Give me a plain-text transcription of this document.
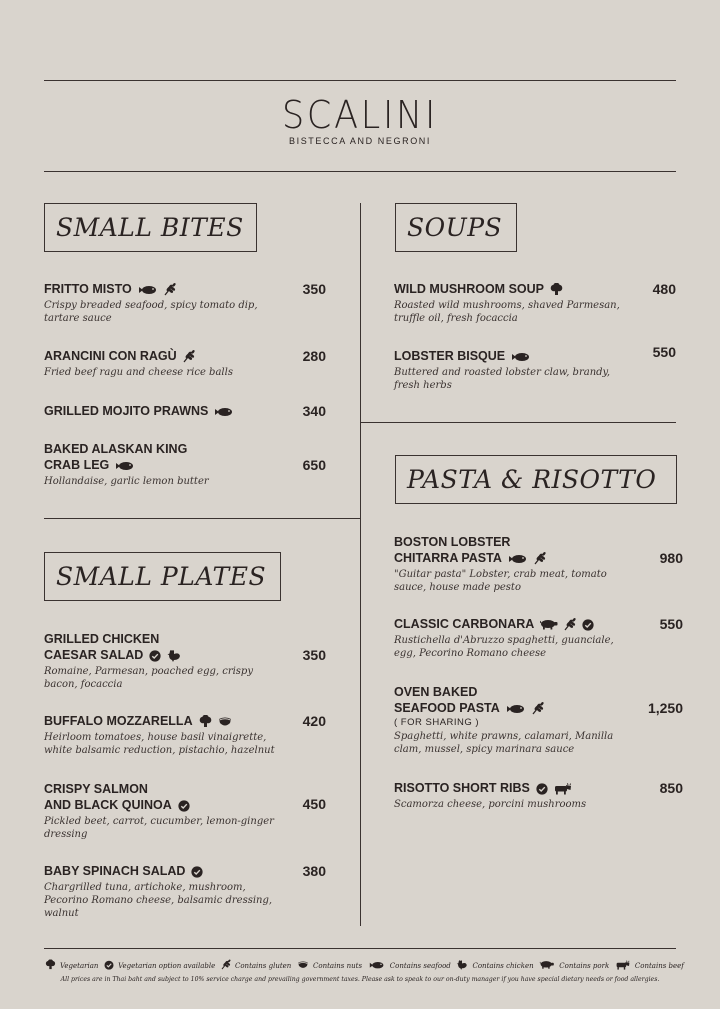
SCALINI
BISTECCA AND NEGRONI
SMALL BITES	SOUPS
SMALL PLATES
PASTA & RISOTTO
FRITTO MISTO
Crispy breaded seafood, spicy tomato dip, tartare sauce
350
ARANCINI CON RAGÙ
Fried beef ragu and cheese rice balls
280
GRILLED MOJITO PRAWNS	340
BAKED ALASKAN KING
CRAB LEG
Hollandaise, garlic lemon butter
650
GRILLED CHICKEN
CAESAR SALAD
Romaine, Parmesan, poached egg, crispy bacon, focaccia
350
BUFFALO MOZZARELLA
Heirloom tomatoes, house basil vinaigrette, white balsamic reduction, pistachio, hazelnut
420
CRISPY SALMON
AND BLACK QUINOA
Pickled beet, carrot, cucumber, lemon-ginger dressing
450
BABY SPINACH SALAD
Chargrilled tuna, artichoke, mushroom, Pecorino Romano cheese, balsamic dressing, walnut
380
WILD MUSHROOM SOUP
Roasted wild mushrooms, shaved Parmesan, truffle oil, fresh focaccia
480
LOBSTER BISQUE
Buttered and roasted lobster claw, brandy, fresh herbs
550
BOSTON LOBSTER
CHITARRA PASTA
"Guitar pasta" Lobster, crab meat, tomato sauce, house made pesto
980
CLASSIC CARBONARA
Rustichella d'Abruzzo spaghetti, guanciale, egg, Pecorino Romano cheese
550
OVEN BAKED
SEAFOOD PASTA
( FOR SHARING )
Spaghetti, white prawns, calamari, Manilla clam, mussel, spicy marinara sauce
1,250
RISOTTO SHORT RIBS
Scamorza cheese, porcini mushrooms
850
Vegetarian	Vegetarian option available	Contains gluten	Contains nuts	Contains seafood	Contains chicken	Contains pork	Contains beef
All prices are in Thai baht and subject to 10% service charge and prevailing government taxes. Please ask to speak to our on-duty manager if you have special dietary needs or food allergies.
